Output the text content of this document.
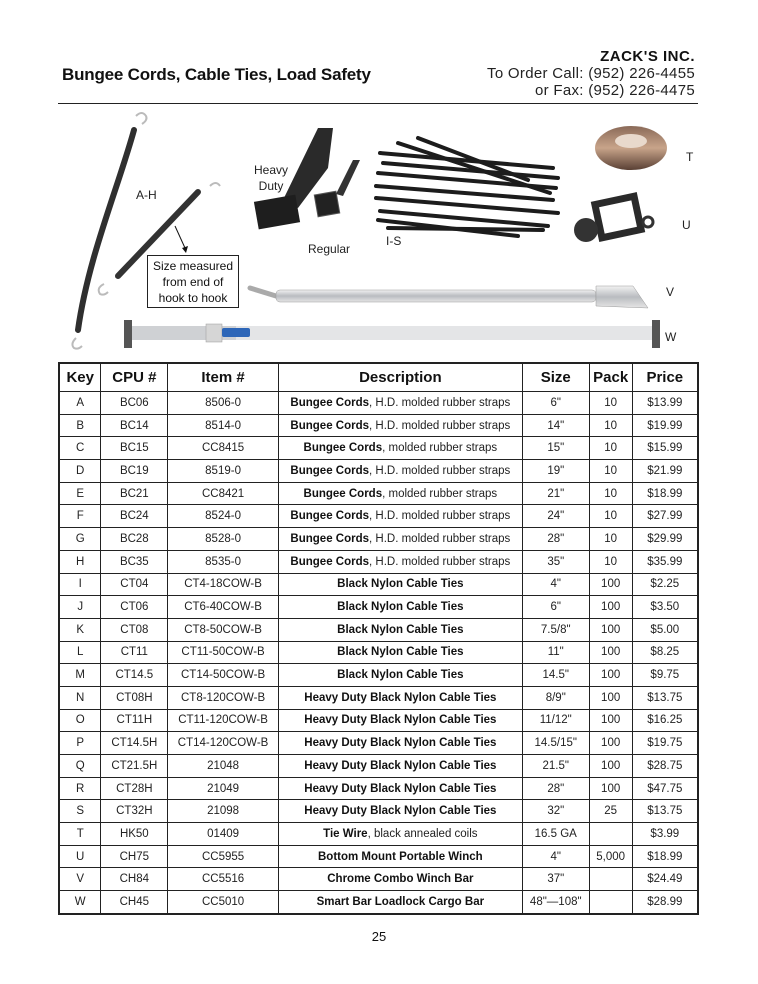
Bungee Cords, Cable Ties, Load Safety
ZACK'S INC.
To Order Call: (952) 226-4455
or Fax: (952) 226-4475
A-H
Heavy
Duty
Regular
I-S
T
U
V
W
Size measured
from end of
hook to hook
Key	CPU #	Item #	Description	Size	Pack	Price
A	BC06	8506-0	Bungee Cords, H.D. molded rubber straps	6"	10	$13.99
B	BC14	8514-0	Bungee Cords, H.D. molded rubber straps	14"	10	$19.99
C	BC15	CC8415	Bungee Cords, molded rubber straps	15"	10	$15.99
D	BC19	8519-0	Bungee Cords, H.D. molded rubber straps	19"	10	$21.99
E	BC21	CC8421	Bungee Cords, molded rubber straps	21"	10	$18.99
F	BC24	8524-0	Bungee Cords, H.D. molded rubber straps	24"	10	$27.99
G	BC28	8528-0	Bungee Cords, H.D. molded rubber straps	28"	10	$29.99
H	BC35	8535-0	Bungee Cords, H.D. molded rubber straps	35"	10	$35.99
I	CT04	CT4-18COW-B	Black Nylon Cable Ties	4"	100	$2.25
J	CT06	CT6-40COW-B	Black Nylon Cable Ties	6"	100	$3.50
K	CT08	CT8-50COW-B	Black Nylon Cable Ties	7.5/8"	100	$5.00
L	CT11	CT11-50COW-B	Black Nylon Cable Ties	11"	100	$8.25
M	CT14.5	CT14-50COW-B	Black Nylon Cable Ties	14.5"	100	$9.75
N	CT08H	CT8-120COW-B	Heavy Duty Black Nylon Cable Ties	8/9"	100	$13.75
O	CT11H	CT11-120COW-B	Heavy Duty Black Nylon Cable Ties	11/12"	100	$16.25
P	CT14.5H	CT14-120COW-B	Heavy Duty Black Nylon Cable Ties	14.5/15"	100	$19.75
Q	CT21.5H	21048	Heavy Duty Black Nylon Cable Ties	21.5"	100	$28.75
R	CT28H	21049	Heavy Duty Black Nylon Cable Ties	28"	100	$47.75
S	CT32H	21098	Heavy Duty Black Nylon Cable Ties	32"	25	$13.75
T	HK50	01409	Tie Wire, black annealed coils	16.5 GA		$3.99
U	CH75	CC5955	Bottom Mount Portable Winch	4"	5,000	$18.99
V	CH84	CC5516	Chrome Combo Winch Bar	37"		$24.49
W	CH45	CC5010	Smart Bar Loadlock Cargo Bar	48"—108"		$28.99
25
